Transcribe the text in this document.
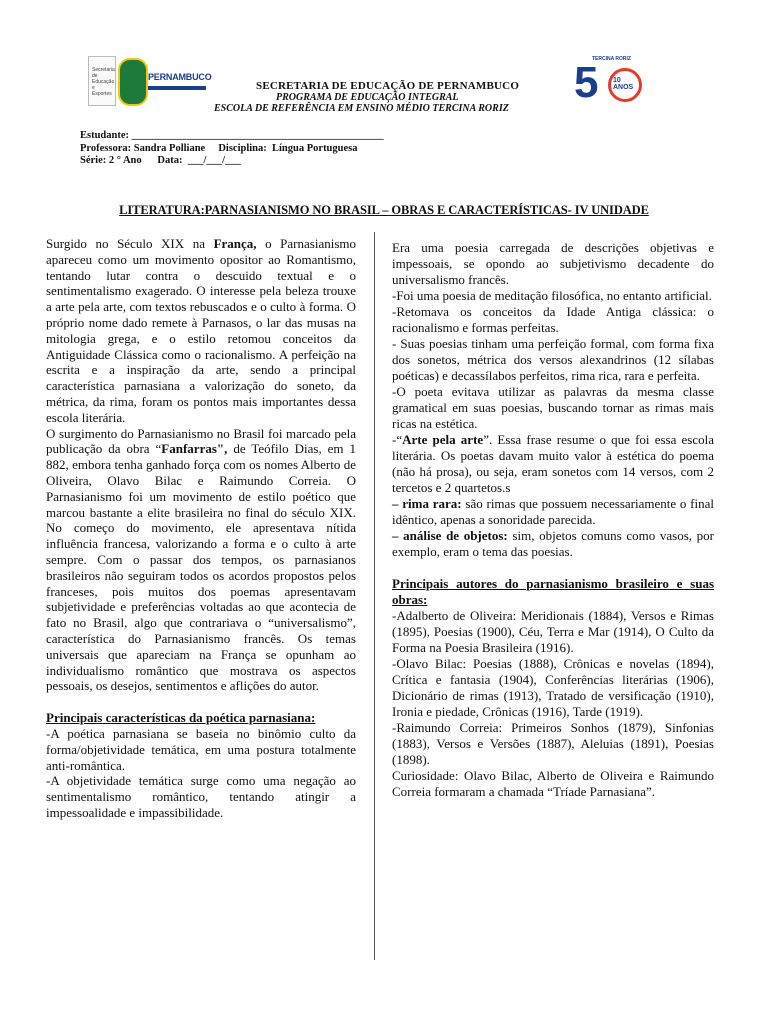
Secretaria de Educação e Esportes
PERNAMBUCO
SECRETARIA DE EDUCAÇÃO DE PERNAMBUCO
PROGRAMA DE EDUCAÇÃO INTEGRAL
ESCOLA DE REFERÊNCIA EM ENSINO MÉDIO TERCINA RORIZ
TERCINA RORIZ
5 10 ANOS
Estudante: ________________________________________________
Professora: Sandra Polliane     Disciplina:  Língua Portuguesa
Série: 2 ° Ano      Data:  ___/___/___
LITERATURA:PARNASIANISMO NO BRASIL – OBRAS E CARACTERÍSTICAS- IV UNIDADE

Surgido no Século XIX na França, o Parnasianismo apareceu como um movimento opositor ao Romantismo, tentando lutar contra o descuido textual e o sentimentalismo exagerado. O interesse pela beleza trouxe a arte pela arte, com textos rebuscados e o culto à forma. O próprio nome dado remete à Parnasos, o lar das musas na mitologia grega, e o estilo retomou conceitos da Antiguidade Clássica como o racionalismo. A perfeição na escrita e a inspiração da arte, sendo a principal característica parnasiana a valorização do soneto, da métrica, da rima, foram os pontos mais importantes dessa escola literária.

O surgimento do Parnasianismo no Brasil foi marcado pela publicação da obra “Fanfarras", de Teófilo Dias, em 1 882, embora tenha ganhado força com os nomes Alberto de Oliveira, Olavo Bilac e Raimundo Correia. O Parnasianismo foi um movimento de estilo poético que marcou bastante a elite brasileira no final do século XIX. No começo do movimento, ele apresentava nítida influência francesa, valorizando a forma e o culto à arte sempre. Com o passar dos tempos, os parnasianos brasileiros não seguiram todos os acordos propostos pelos franceses, pois muitos dos poemas apresentavam subjetividade e preferências voltadas ao que acontecia de fato no Brasil, algo que contrariava o “universalismo”, característica do Parnasianismo francês. Os temas universais que apareciam na França se opunham ao individualismo romântico que mostrava os aspectos pessoais, os desejos, sentimentos e aflições do autor.

Principais características da poética parnasiana:

-A poética parnasiana se baseia no binômio culto da forma/objetividade temática, em uma postura totalmente anti-romântica.

-A objetividade temática surge como uma negação ao sentimentalismo romântico, tentando atingir a impessoalidade e impassibilidade.

Era uma poesia carregada de descrições objetivas e impessoais, se opondo ao subjetivismo decadente do universalismo francês.

-Foi uma poesia de meditação filosófica, no entanto artificial.

-Retomava os conceitos da Idade Antiga clássica: o racionalismo e formas perfeitas.

- Suas poesias tinham uma perfeição formal, com forma fixa dos sonetos, métrica dos versos alexandrinos (12 sílabas poéticas) e decassílabos perfeitos, rima rica, rara e perfeita.

-O poeta evitava utilizar as palavras da mesma classe gramatical em suas poesias, buscando tornar as rimas mais ricas na estética.

-“Arte pela arte”. Essa frase resume o que foi essa escola literária. Os poetas davam muito valor à estética do poema (não há prosa), ou seja, eram sonetos com 14 versos, com 2 tercetos e 2 quartetos.s

– rima rara: são rimas que possuem necessariamente o final idêntico, apenas a sonoridade parecida.

– análise de objetos: sim, objetos comuns como vasos, por exemplo, eram o tema das poesias.

Principais autores do parnasianismo brasileiro e suas obras:

-Adalberto de Oliveira: Meridionais (1884), Versos e Rimas (1895), Poesias (1900), Céu, Terra e Mar (1914), O Culto da Forma na Poesia Brasileira (1916).

-Olavo Bilac: Poesias (1888), Crônicas e novelas (1894), Crítica e fantasia (1904), Conferências literárias (1906), Dicionário de rimas (1913), Tratado de versificação (1910), Ironia e piedade, Crônicas (1916), Tarde (1919).

-Raimundo Correia: Primeiros Sonhos (1879), Sinfonias (1883), Versos e Versões (1887), Aleluias (1891), Poesias (1898).

Curiosidade: Olavo Bilac, Alberto de Oliveira e Raimundo Correia formaram a chamada “Tríade Parnasiana”.
